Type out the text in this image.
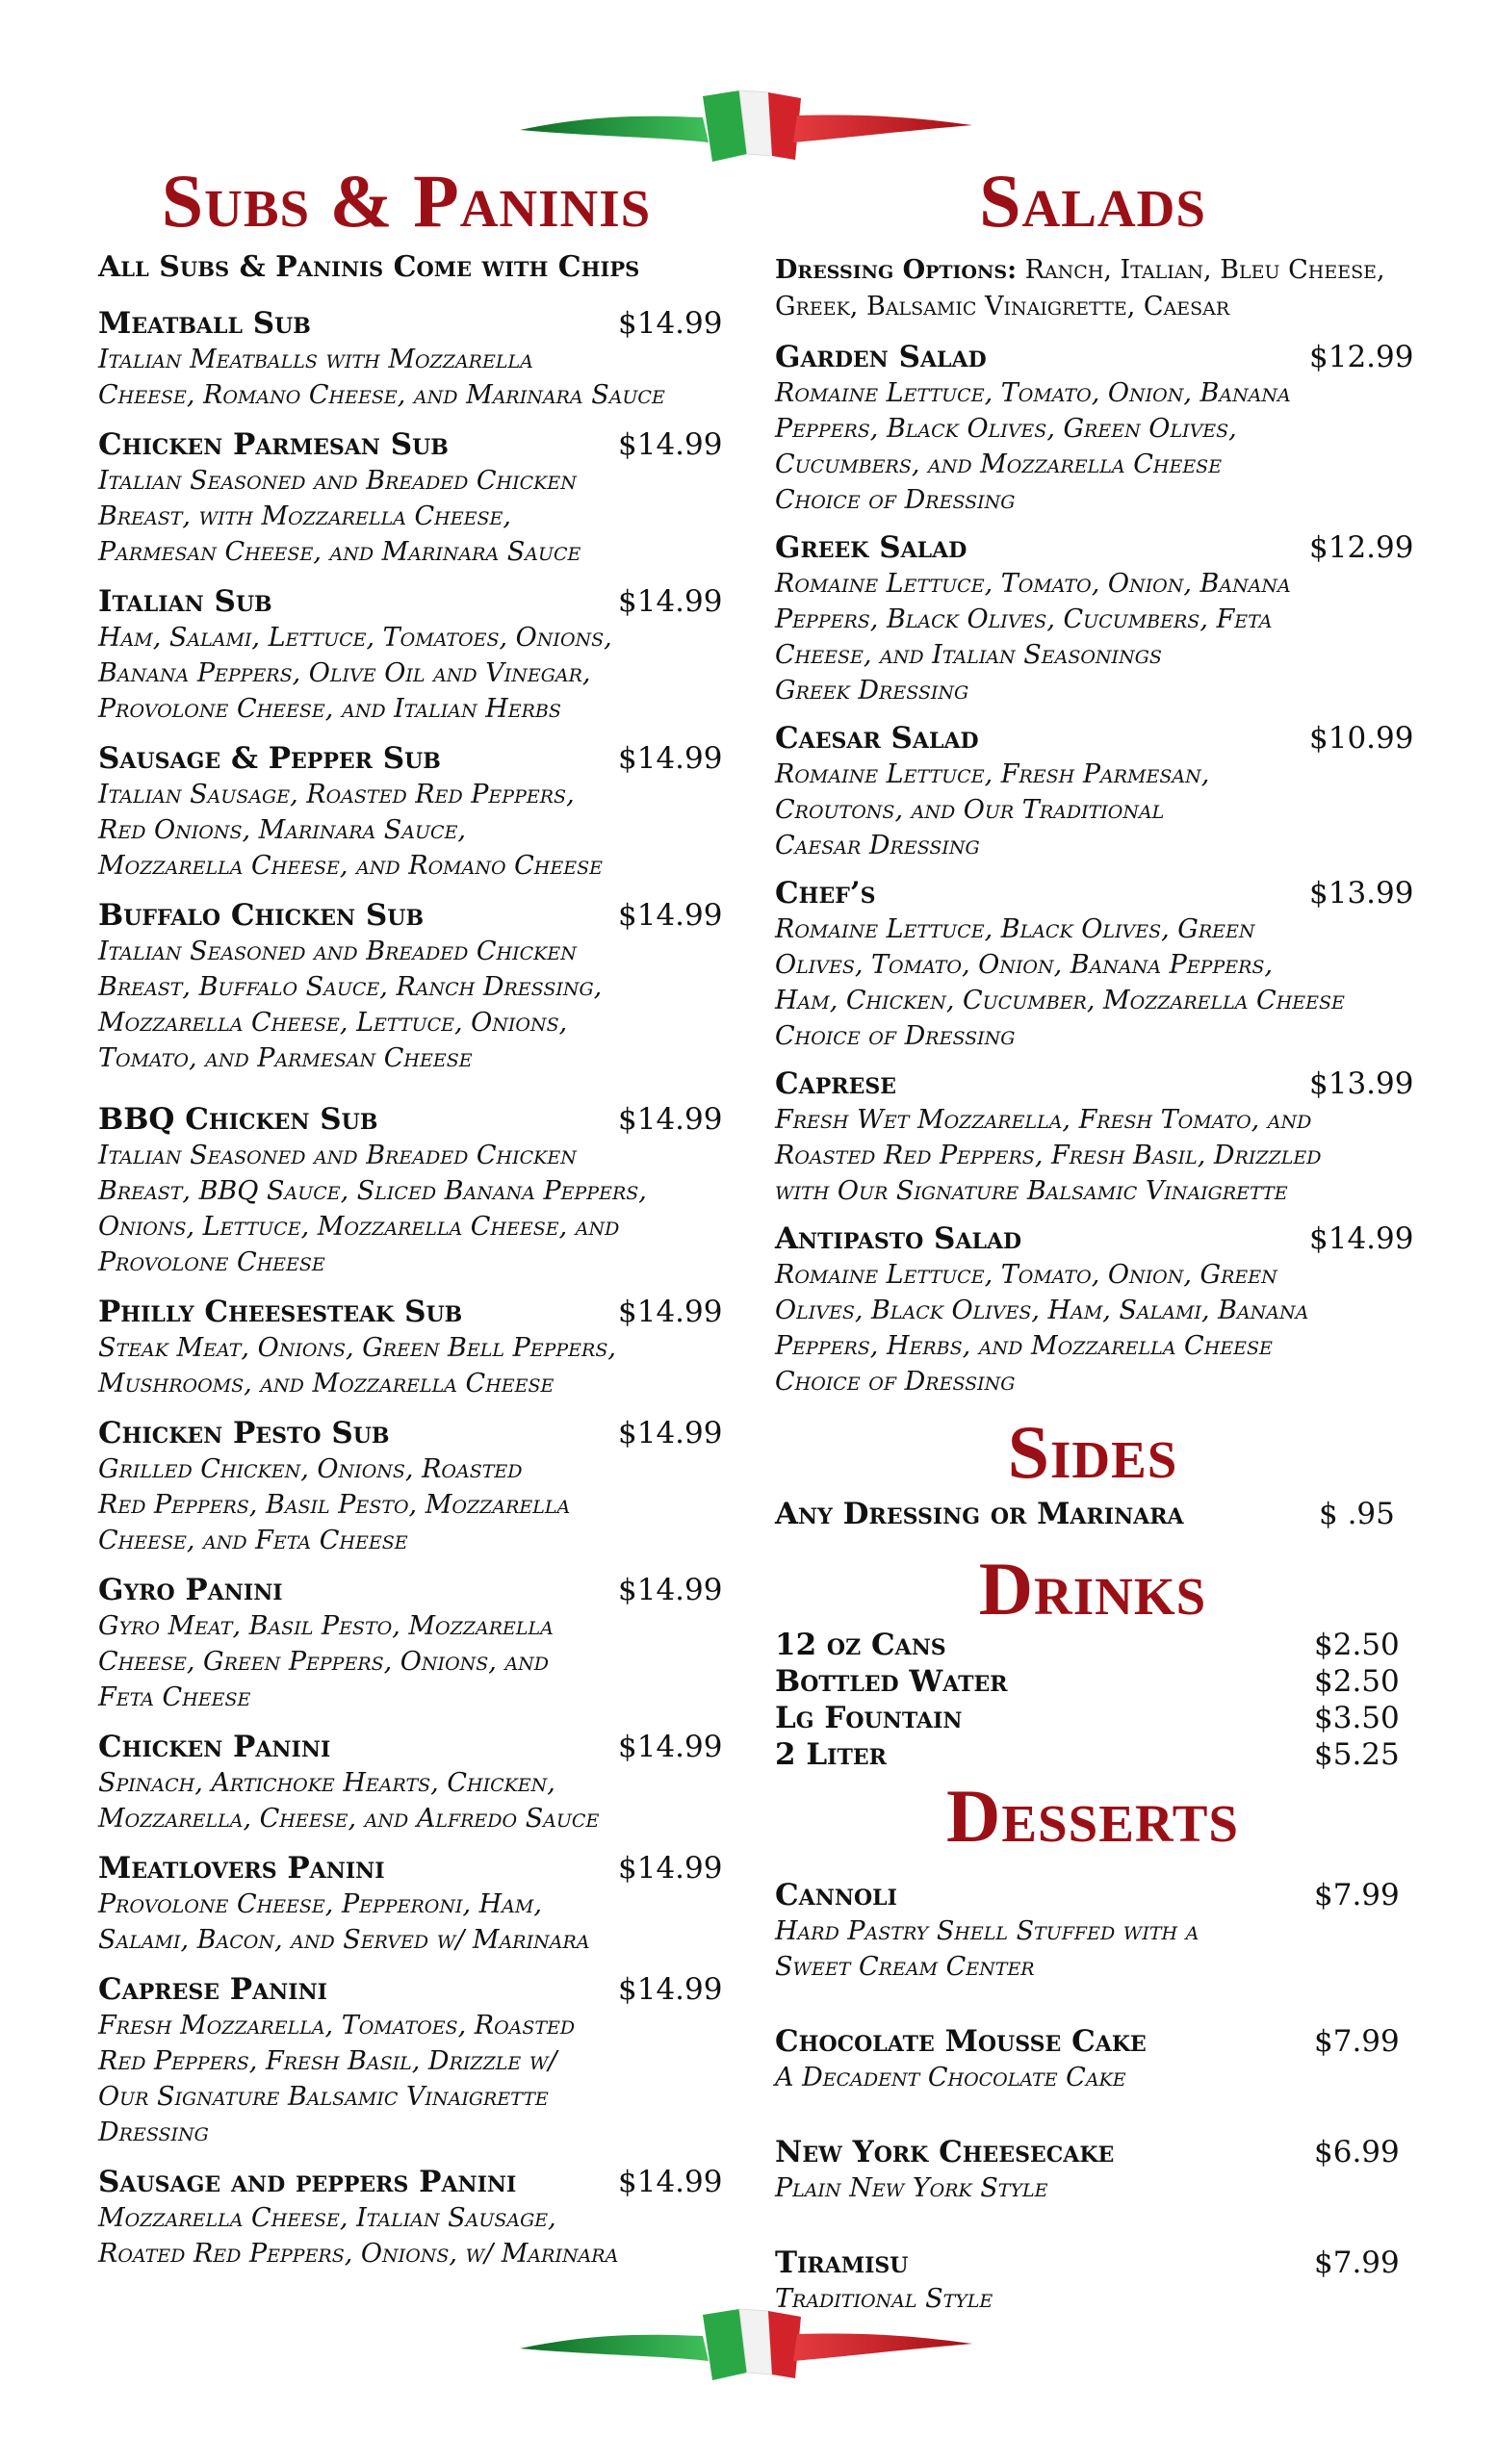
Subs & Paninis
All Subs & Paninis Come with Chips
Meatball Sub	$14.99
Italian Meatballs with Mozzarella
Cheese, Romano Cheese, and Marinara Sauce
Chicken Parmesan Sub	$14.99
Italian Seasoned and Breaded Chicken
Breast, with Mozzarella Cheese,
Parmesan Cheese, and Marinara Sauce
Italian Sub	$14.99
Ham, Salami, Lettuce, Tomatoes, Onions,
Banana Peppers, Olive Oil and Vinegar,
Provolone Cheese, and Italian Herbs
Sausage & Pepper Sub	$14.99
Italian Sausage, Roasted Red Peppers,
Red Onions, Marinara Sauce,
Mozzarella Cheese, and Romano Cheese
Buffalo Chicken Sub	$14.99
Italian Seasoned and Breaded Chicken
Breast, Buffalo Sauce, Ranch Dressing,
Mozzarella Cheese, Lettuce, Onions,
Tomato, and Parmesan Cheese
BBQ Chicken Sub	$14.99
Italian Seasoned and Breaded Chicken
Breast, BBQ Sauce, Sliced Banana Peppers,
Onions, Lettuce, Mozzarella Cheese, and
Provolone Cheese
Philly Cheesesteak Sub	$14.99
Steak Meat, Onions, Green Bell Peppers,
Mushrooms, and Mozzarella Cheese
Chicken Pesto Sub	$14.99
Grilled Chicken, Onions, Roasted
Red Peppers, Basil Pesto, Mozzarella
Cheese, and Feta Cheese
Gyro Panini	$14.99
Gyro Meat, Basil Pesto, Mozzarella
Cheese, Green Peppers, Onions, and
Feta Cheese
Chicken Panini	$14.99
Spinach, Artichoke Hearts, Chicken,
Mozzarella, Cheese, and Alfredo Sauce
Meatlovers Panini	$14.99
Provolone Cheese, Pepperoni, Ham,
Salami, Bacon, and Served w/ Marinara
Caprese Panini	$14.99
Fresh Mozzarella, Tomatoes, Roasted
Red Peppers, Fresh Basil, Drizzle w/
Our Signature Balsamic Vinaigrette
Dressing
Sausage and peppers Panini	$14.99
Mozzarella Cheese, Italian Sausage,
Roated Red Peppers, Onions, w/ Marinara
Salads
Dressing Options: Ranch, Italian, Bleu Cheese,
Greek, Balsamic Vinaigrette, Caesar
Garden Salad	$12.99
Romaine Lettuce, Tomato, Onion, Banana
Peppers, Black Olives, Green Olives,
Cucumbers, and Mozzarella Cheese
Choice of Dressing
Greek Salad	$12.99
Romaine Lettuce, Tomato, Onion, Banana
Peppers, Black Olives, Cucumbers, Feta
Cheese, and Italian Seasonings
Greek Dressing
Caesar Salad	$10.99
Romaine Lettuce, Fresh Parmesan,
Croutons, and Our Traditional
Caesar Dressing
Chef’s	$13.99
Romaine Lettuce, Black Olives, Green
Olives, Tomato, Onion, Banana Peppers,
Ham, Chicken, Cucumber, Mozzarella Cheese
Choice of Dressing
Caprese	$13.99
Fresh Wet Mozzarella, Fresh Tomato, and
Roasted Red Peppers, Fresh Basil, Drizzled
with Our Signature Balsamic Vinaigrette
Antipasto Salad	$14.99
Romaine Lettuce, Tomato, Onion, Green
Olives, Black Olives, Ham, Salami, Banana
Peppers, Herbs, and Mozzarella Cheese
Choice of Dressing
Sides
Any Dressing or Marinara	$ .95
Drinks
12 oz Cans	$2.50
Bottled Water	$2.50
Lg Fountain	$3.50
2 Liter	$5.25
Desserts
Cannoli	$7.99
Hard Pastry Shell Stuffed with a
Sweet Cream Center
Chocolate Mousse Cake	$7.99
A Decadent Chocolate Cake
New York Cheesecake	$6.99
Plain New York Style
Tiramisu	$7.99
Traditional Style
